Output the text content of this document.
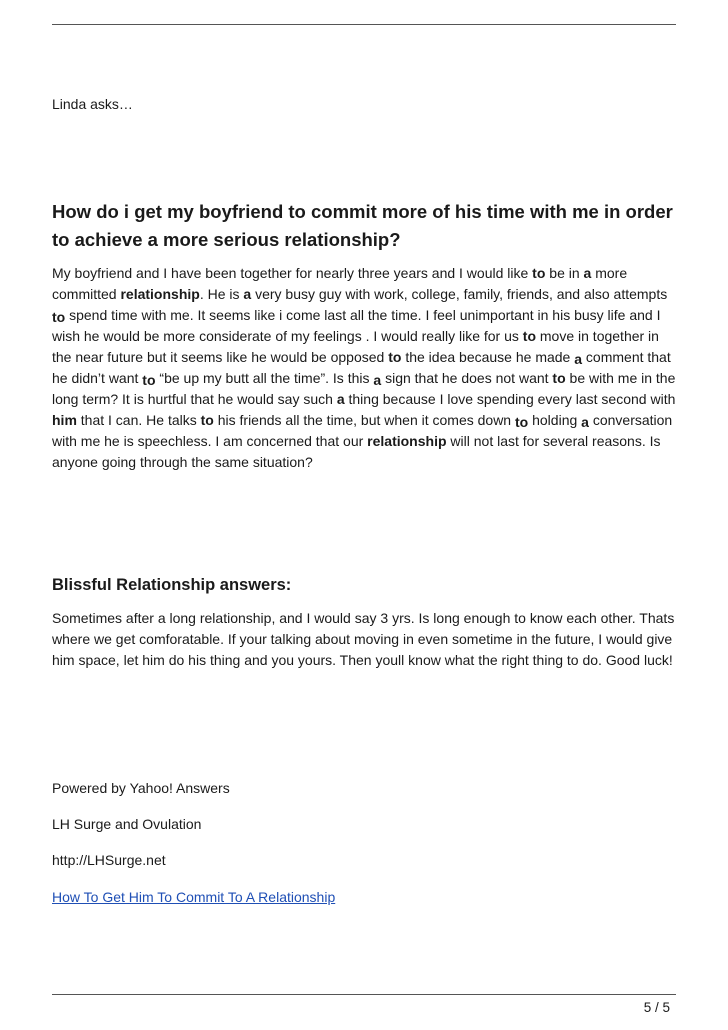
Linda asks…

How do i get my boyfriend to commit more of his time with me in order to achieve a more serious relationship?

My boyfriend and I have been together for nearly three years and I would like to be in a more committed relationship. He is a very busy guy with work, college, family, friends, and also attempts to spend time with me. It seems like i come last all the time. I feel unimportant in his busy life and I wish he would be more considerate of my feelings . I would really like for us to move in together in the near future but it seems like he would be opposed to the idea because he made a comment that he didn’t want to “be up my butt all the time”. Is this a sign that he does not want to be with me in the long term? It is hurtful that he would say such a thing because I love spending every last second with him that I can. He talks to his friends all the time, but when it comes down to holding a conversation with me he is speechless. I am concerned that our relationship will not last for several reasons. Is anyone going through the same situation?

Blissful Relationship answers:

Sometimes after a long relationship, and I would say 3 yrs. Is long enough to know each other. Thats where we get comforatable. If your talking about moving in even sometime in the future, I would give him space, let him do his thing and you yours. Then youll know what the right thing to do. Good luck!

Powered by Yahoo! Answers

LH Surge and Ovulation

http://LHSurge.net

How To Get Him To Commit To A Relationship

5 / 5
